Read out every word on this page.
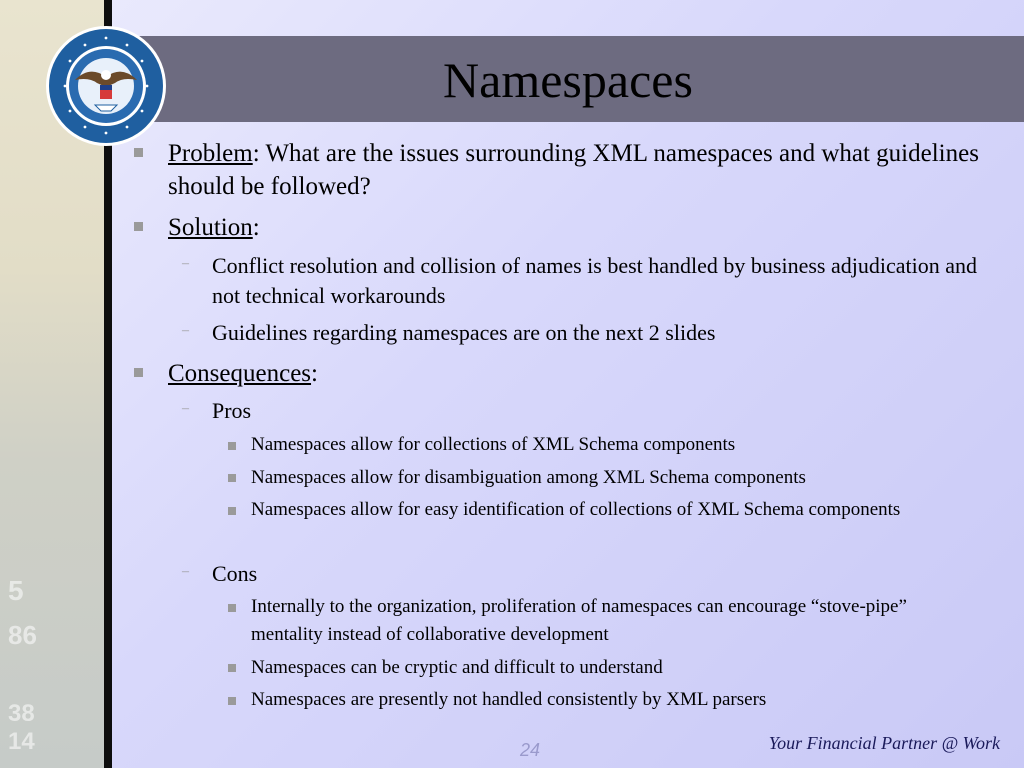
5
86
38
14
Namespaces
Problem: What are the issues surrounding XML namespaces and what guidelines should be followed?
Solution:
– Conflict resolution and collision of names is best handled by business adjudication and not technical workarounds
– Guidelines regarding namespaces are on the next 2 slides
Consequences:
– Pros
Namespaces allow for collections of XML Schema components
Namespaces allow for disambiguation among XML Schema components
Namespaces allow for easy identification of collections of XML Schema components
– Cons
Internally to the organization, proliferation of namespaces can encourage “stove-pipe” mentality instead of collaborative development
Namespaces can be cryptic and difficult to understand
Namespaces are presently not handled consistently by XML parsers
24	Your Financial Partner @ Work
